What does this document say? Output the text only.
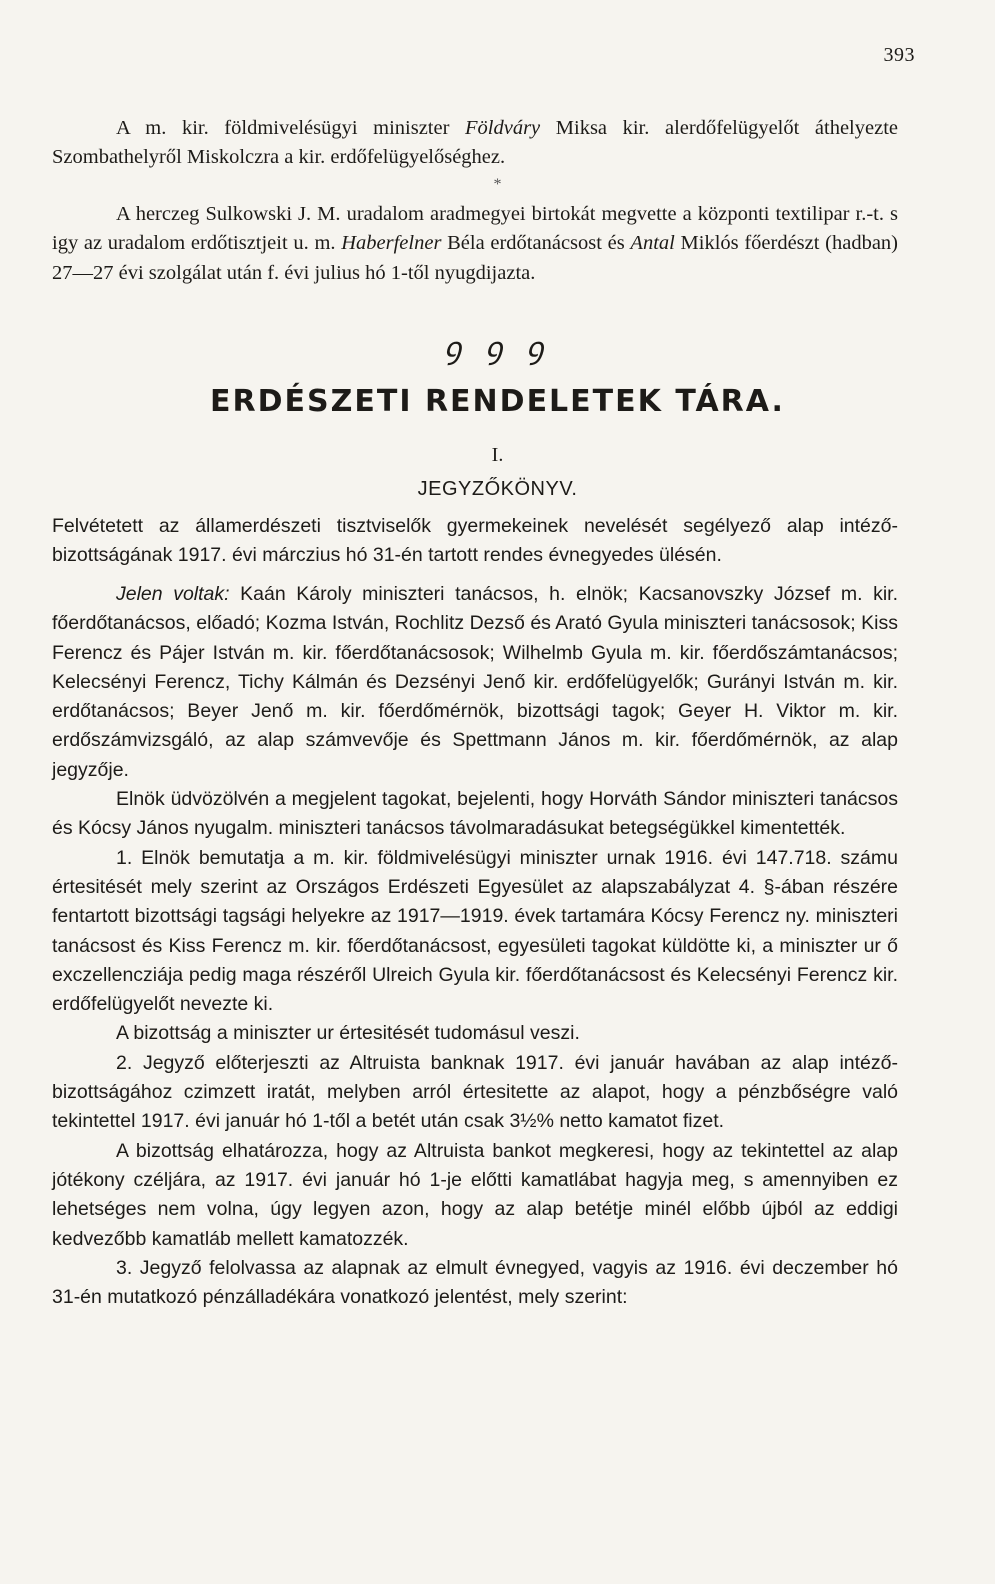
393
A m. kir. földmivelésügyi miniszter Földváry Miksa kir. alerdőfelügyelőt áthelyezte Szombathelyről Miskolczra a kir. erdőfelügyelőséghez.
*
A herczeg Sulkowski J. M. uradalom aradmegyei birtokát megvette a központi textilipar r.-t. s igy az uradalom erdőtisztjeit u. m. Haberfelner Béla erdőtanácsost és Antal Miklós főerdészt (hadban) 27—27 évi szolgálat után f. évi julius hó 1-től nyugdijazta.
ꝯ ꝯ ꝯ
ERDÉSZETI RENDELETEK TÁRA.
I.
JEGYZŐKÖNYV.

Felvétetett az államerdészeti tisztviselők gyermekeinek nevelését segélyező alap intéző-bizottságának 1917. évi márczius hó 31-én tartott rendes évnegyedes ülésén.

Jelen voltak: Kaán Károly miniszteri tanácsos, h. elnök; Kacsanovszky József m. kir. főerdőtanácsos, előadó; Kozma István, Rochlitz Dezső és Arató Gyula miniszteri tanácsosok; Kiss Ferencz és Pájer István m. kir. főerdőtanácsosok; Wilhelmb Gyula m. kir. főerdőszámtanácsos; Kelecsényi Ferencz, Tichy Kálmán és Dezsényi Jenő kir. erdőfelügyelők; Gurányi István m. kir. erdőtanácsos; Beyer Jenő m. kir. főerdőmérnök, bizottsági tagok; Geyer H. Viktor m. kir. erdőszámvizsgáló, az alap számvevője és Spettmann János m. kir. főerdőmérnök, az alap jegyzője.

Elnök üdvözölvén a megjelent tagokat, bejelenti, hogy Horváth Sándor miniszteri tanácsos és Kócsy János nyugalm. miniszteri tanácsos távolmaradásukat betegségükkel kimentették.

1. Elnök bemutatja a m. kir. földmivelésügyi miniszter urnak 1916. évi 147.718. számu értesitését mely szerint az Országos Erdészeti Egyesület az alapszabályzat 4. §-ában részére fentartott bizottsági tagsági helyekre az 1917—1919. évek tartamára Kócsy Ferencz ny. miniszteri tanácsost és Kiss Ferencz m. kir. főerdőtanácsost, egyesületi tagokat küldötte ki, a miniszter ur ő exczellencziája pedig maga részéről Ulreich Gyula kir. főerdőtanácsost és Kelecsényi Ferencz kir. erdőfelügyelőt nevezte ki.

A bizottság a miniszter ur értesitését tudomásul veszi.

2. Jegyző előterjeszti az Altruista banknak 1917. évi január havában az alap intéző-bizottságához czimzett iratát, melyben arról értesitette az alapot, hogy a pénzbőségre való tekintettel 1917. évi január hó 1-től a betét után csak 3½% netto kamatot fizet.

A bizottság elhatározza, hogy az Altruista bankot megkeresi, hogy az tekintettel az alap jótékony czéljára, az 1917. évi január hó 1-je előtti kamatlábat hagyja meg, s amennyiben ez lehetséges nem volna, úgy legyen azon, hogy az alap betétje minél előbb újból az eddigi kedvezőbb kamatláb mellett kamatozzék.

3. Jegyző felolvassa az alapnak az elmult évnegyed, vagyis az 1916. évi deczember hó 31-én mutatkozó pénzálladékára vonatkozó jelentést, mely szerint:
